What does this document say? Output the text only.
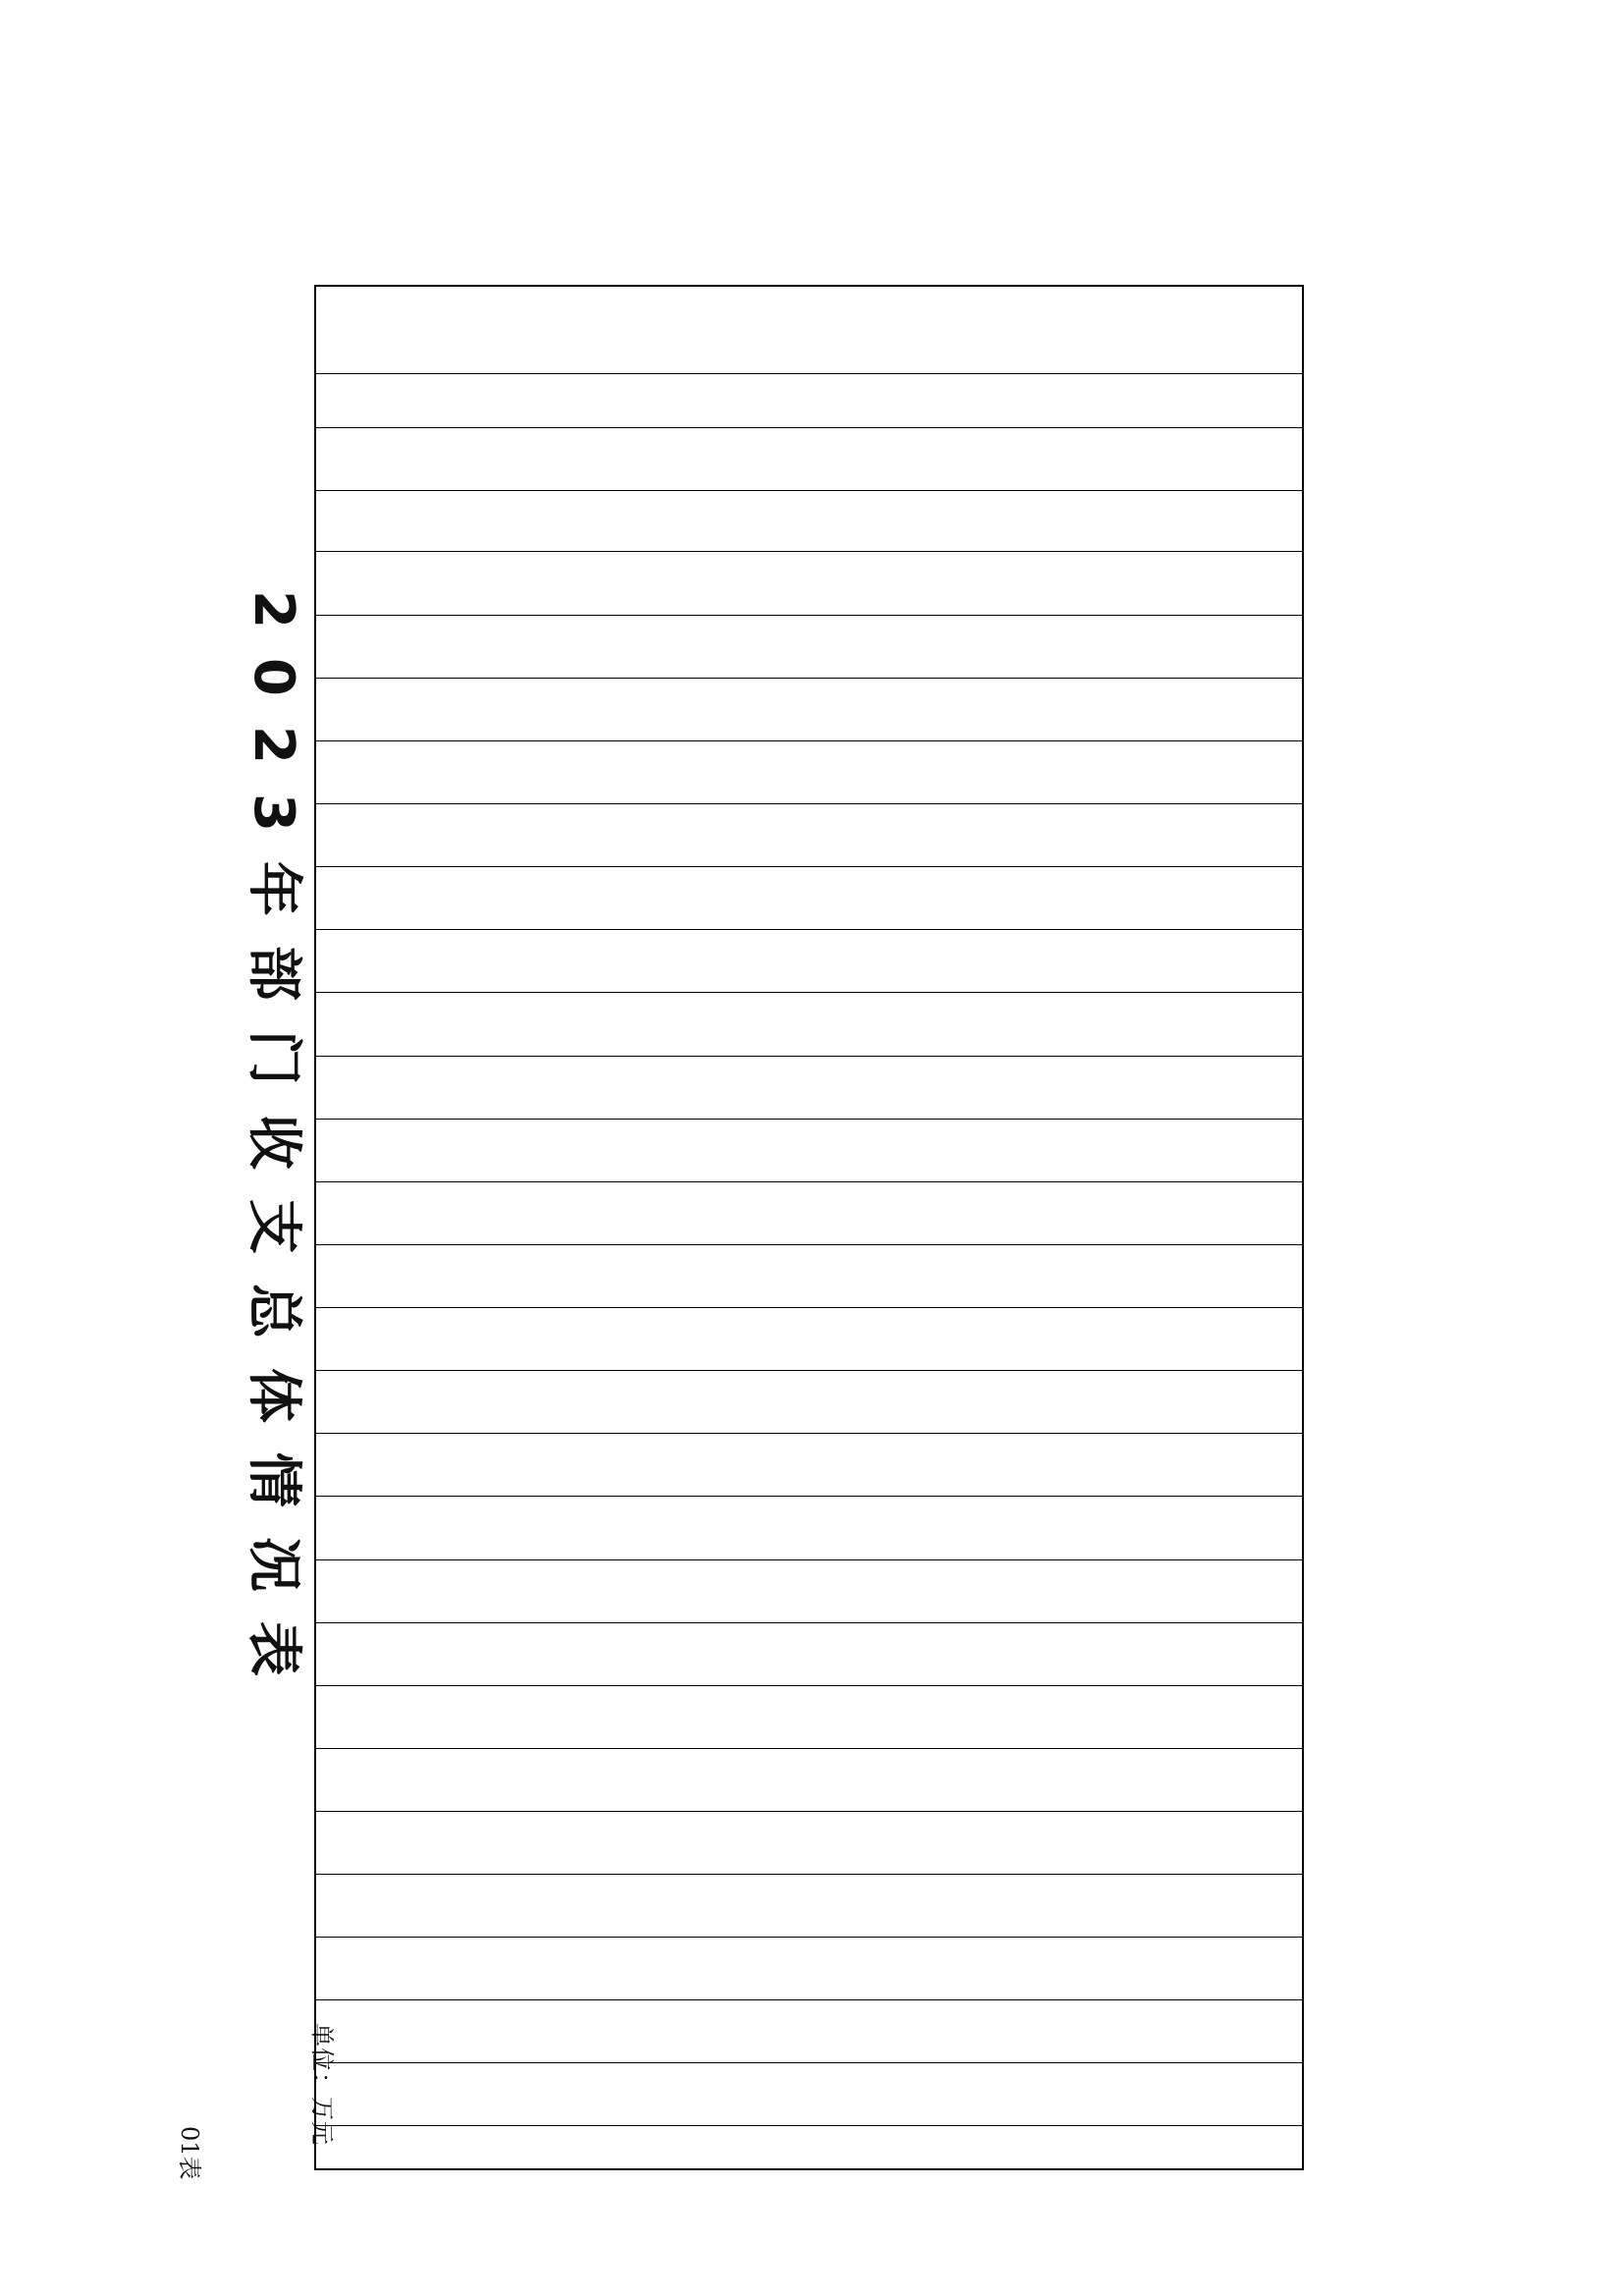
01表
单位：万元
2023年部门收支总体情况表
